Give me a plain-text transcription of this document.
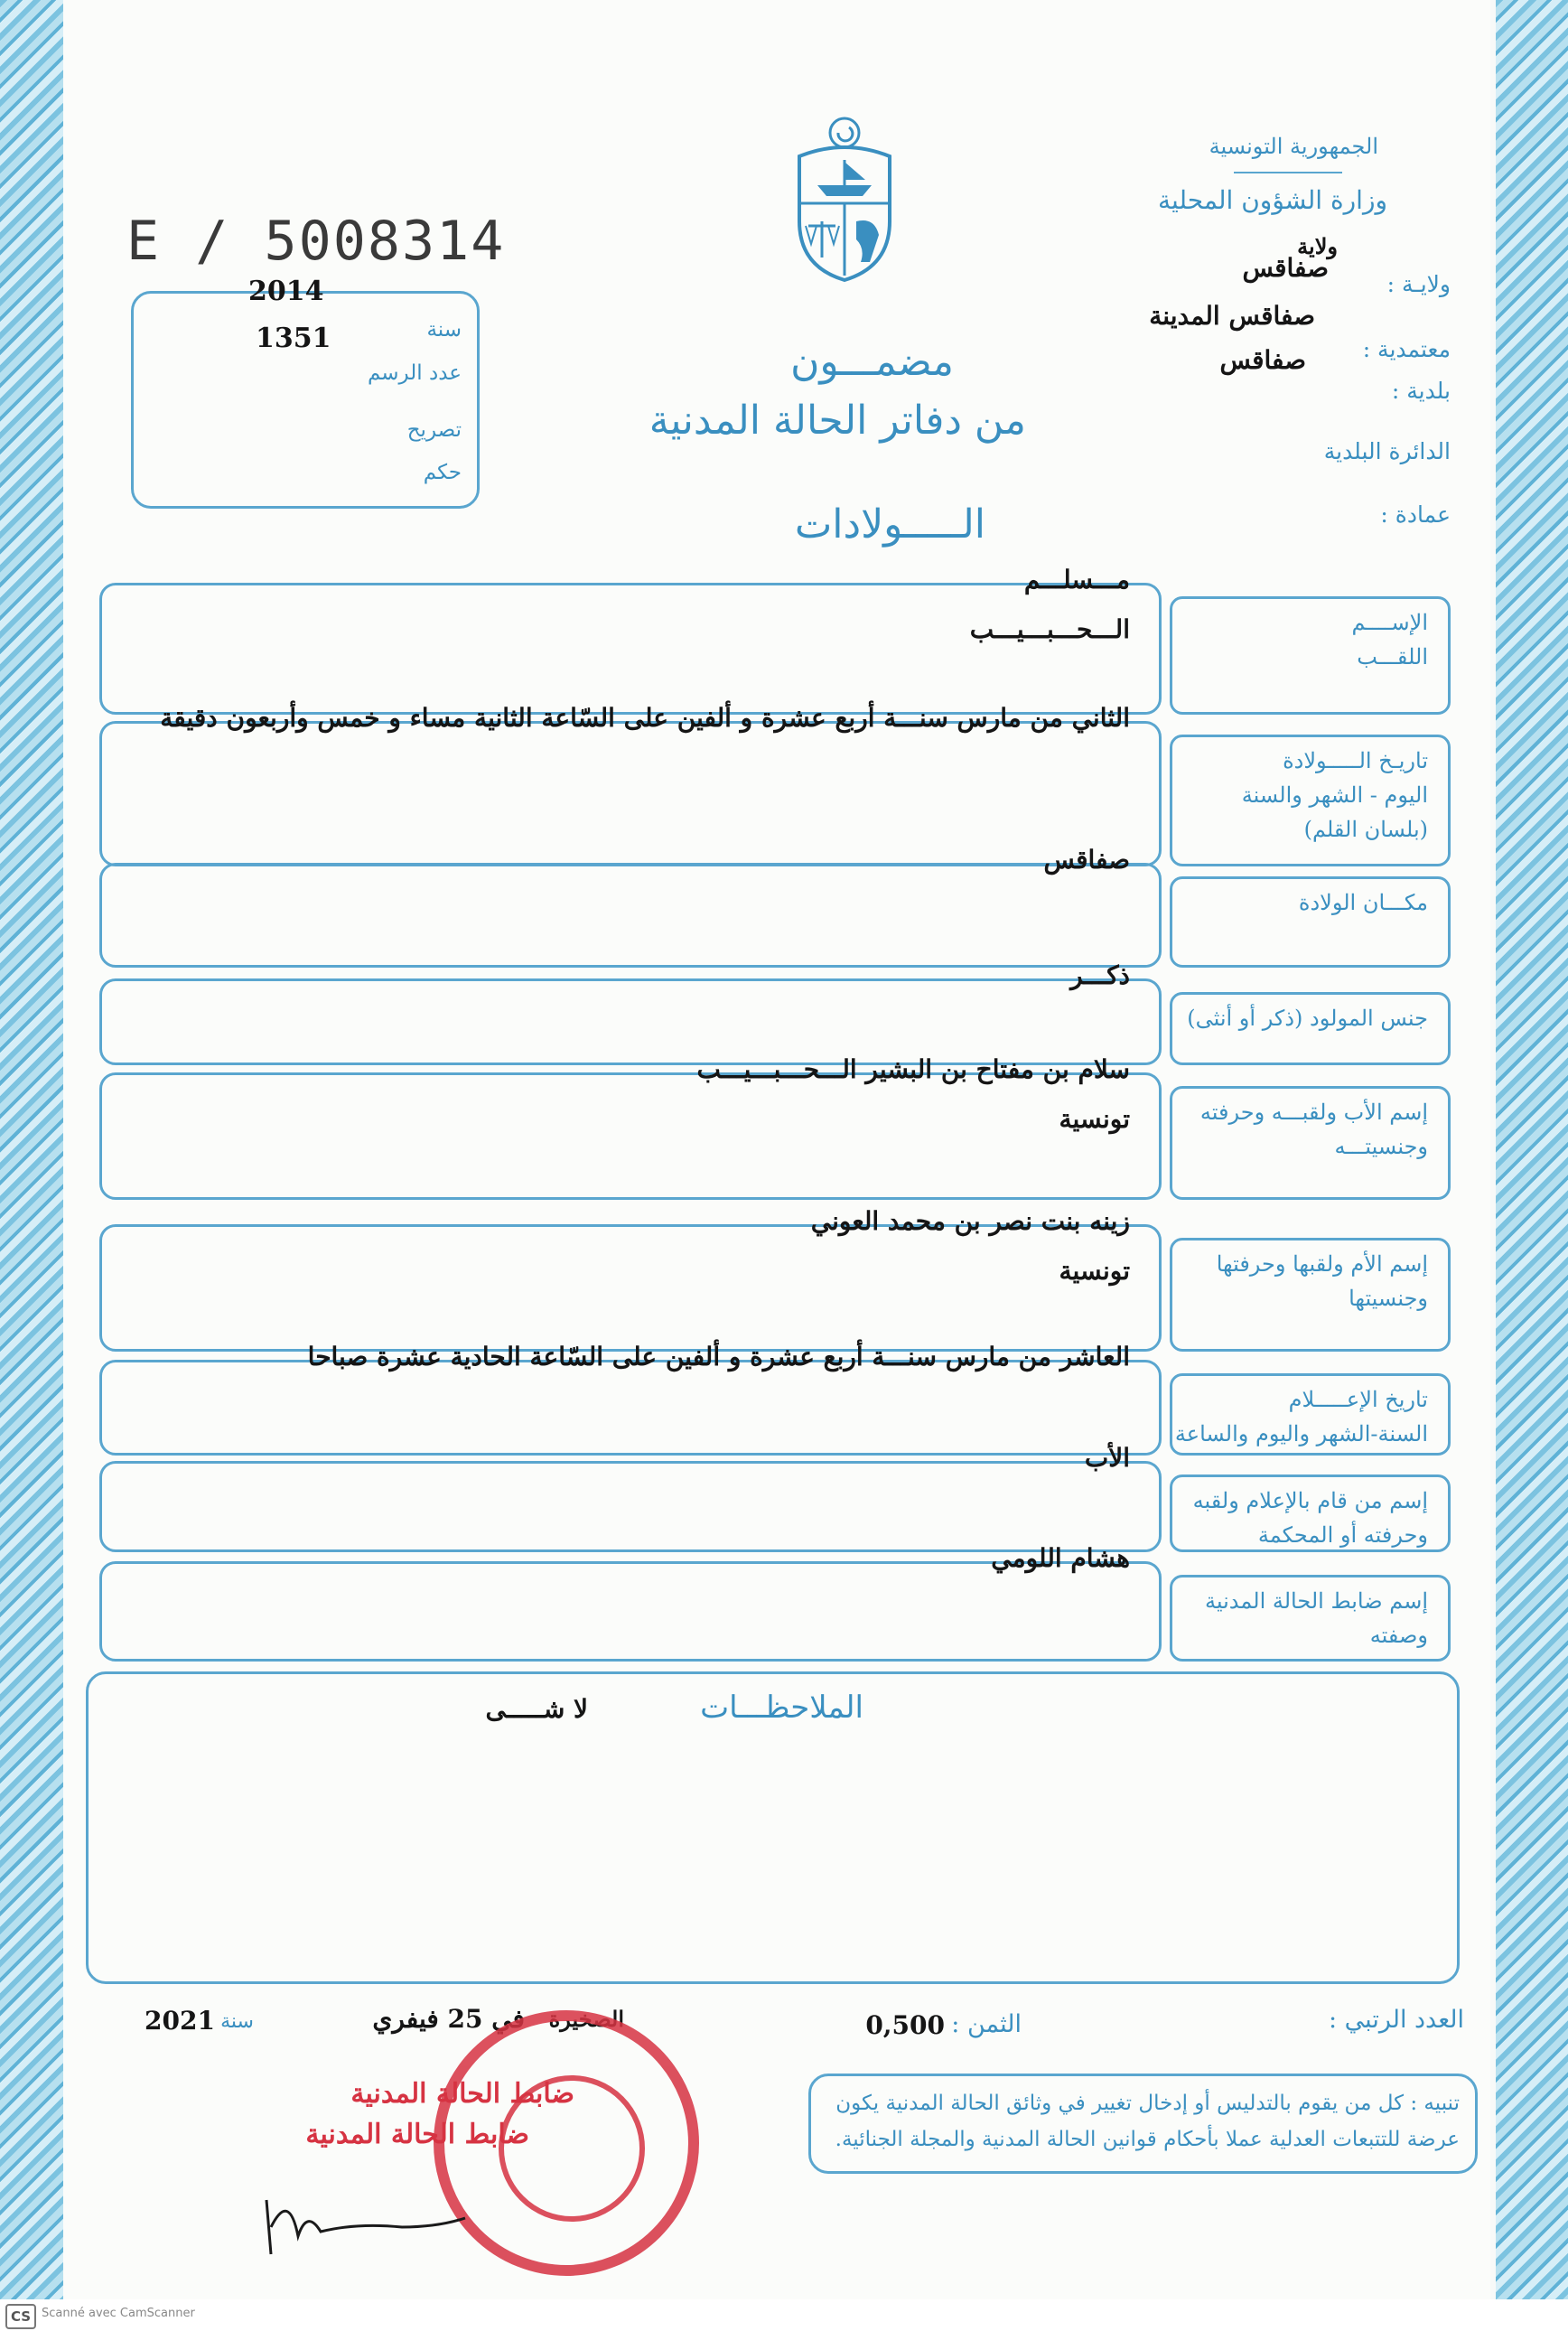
الجمهورية التونسية
وزارة الشؤون المحلية
ولاية
ولايـة :
صفاقس
معتمدية :
صفاقس المدينة
بلدية :
صفاقس
الدائرة البلدية
عمادة :
E / 5008314
2014
1351	سنة
عدد الرسم
تصريح
حكم
مضمـــون
من دفاتر الحالة المدنية
الـــــولادات
الإســــم
اللقـــب
مـــسلـــم
الـــحـــبـــيـــب
تاريـخ الـــــولادة
اليوم - الشهر والسنة
(بلسان القلم)
الثاني من مارس سنـــة أربع عشرة و ألفين على السّاعة الثانية مساء و خمس وأربعون دقيقة
مكـــان الولادة
صفاقس
جنس المولود (ذكر أو أنثى)
ذكـــر
إسم الأب ولقبـــه وحرفته
وجنسيتـــه
سلام بن مفتاح بن البشير الـــحـــبـــيـــب
تونسية
إسم الأم ولقبها وحرفتها
وجنسيتها
زينه بنت نصر بن محمد العوني
تونسية
تاريخ الإعـــــلام
السنة-الشهر واليوم والساعة
العاشر من مارس سنـــة أربع عشرة و ألفين على السّاعة الحادية عشرة صباحا
إسم من قام بالإعلام ولقبه
وحرفته أو المحكمة
الأب
إسم ضابط الحالة المدنية
وصفته
هشام اللومي
الملاحظـــات
لا شـــــى
العدد الرتبي :
الثمن :
0,500
الصخيرة
في 25 فيفري
سنة
2021
تنبيه : كل من يقوم بالتدليس أو إدخال تغيير في وثائق الحالة المدنية يكون عرضة للتتبعات العدلية عملا بأحكام قوانين الحالة المدنية والمجلة الجنائية.
ضابط الحالة المدنية
ضابط الحالة المدنية
CS Scanné avec CamScanner
